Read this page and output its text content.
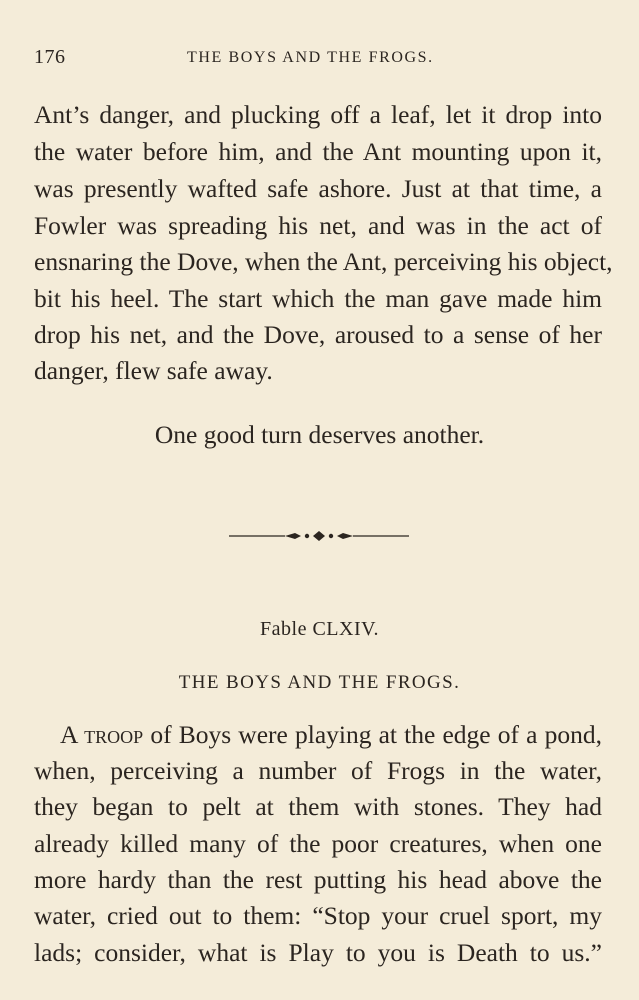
176	THE BOYS AND THE FROGS.
Ant’s danger, and plucking off a leaf, let it drop into
the water before him, and the Ant mounting upon it,
was presently wafted safe ashore. Just at that time, a
Fowler was spreading his net, and was in the act of
ensnaring the Dove, when the Ant, perceiving his object,
bit his heel. The start which the man gave made him
drop his net, and the Dove, aroused to a sense of her
danger, flew safe away.
One good turn deserves another.
Fable CLXIV.
THE BOYS AND THE FROGS.
A troop of Boys were playing at the edge of a pond,
when, perceiving a number of Frogs in the water,
they began to pelt at them with stones. They had
already killed many of the poor creatures, when one
more hardy than the rest putting his head above the
water, cried out to them: “Stop your cruel sport, my
lads; consider, what is Play to you is Death to us.”
